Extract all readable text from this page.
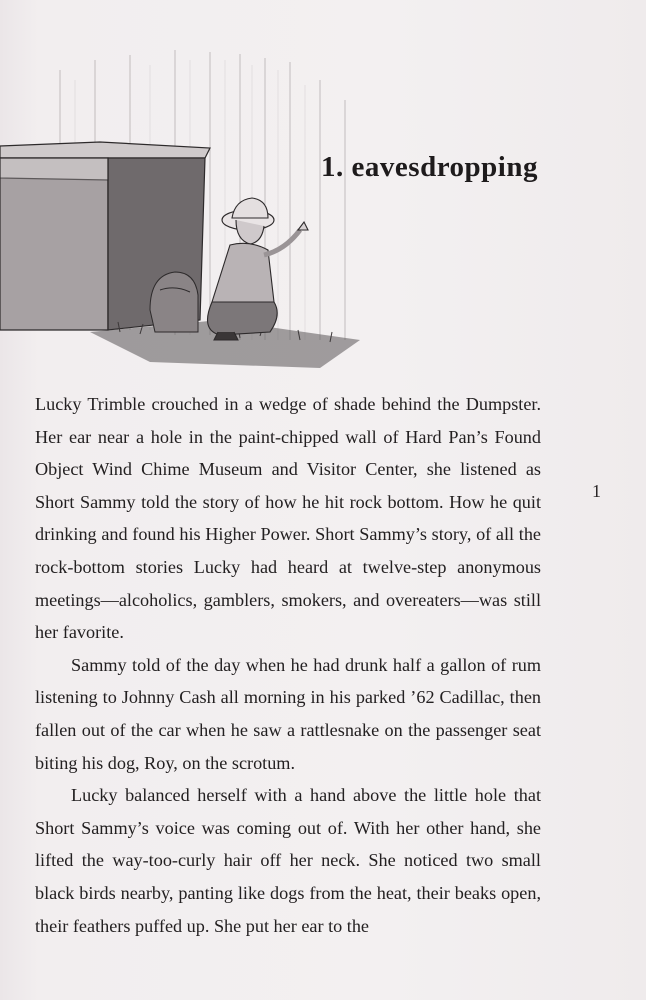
1. eavesdropping

Lucky Trimble crouched in a wedge of shade behind the Dumpster. Her ear near a hole in the paint-chipped wall of Hard Pan’s Found Object Wind Chime Museum and Visitor Center, she listened as Short Sammy told the story of how he hit rock bottom. How he quit drinking and found his Higher Power. Short Sammy’s story, of all the rock-bottom stories Lucky had heard at twelve-step anonymous meetings—alcoholics, gamblers, smokers, and overeaters—was still her favorite.

Sammy told of the day when he had drunk half a gallon of rum listening to Johnny Cash all morning in his parked ’62 Cadillac, then fallen out of the car when he saw a rattlesnake on the passenger seat biting his dog, Roy, on the scrotum.

Lucky balanced herself with a hand above the little hole that Short Sammy’s voice was coming out of. With her other hand, she lifted the way-too-curly hair off her neck. She noticed two small black birds nearby, panting like dogs from the heat, their beaks open, their feathers puffed up. She put her ear to the

1
